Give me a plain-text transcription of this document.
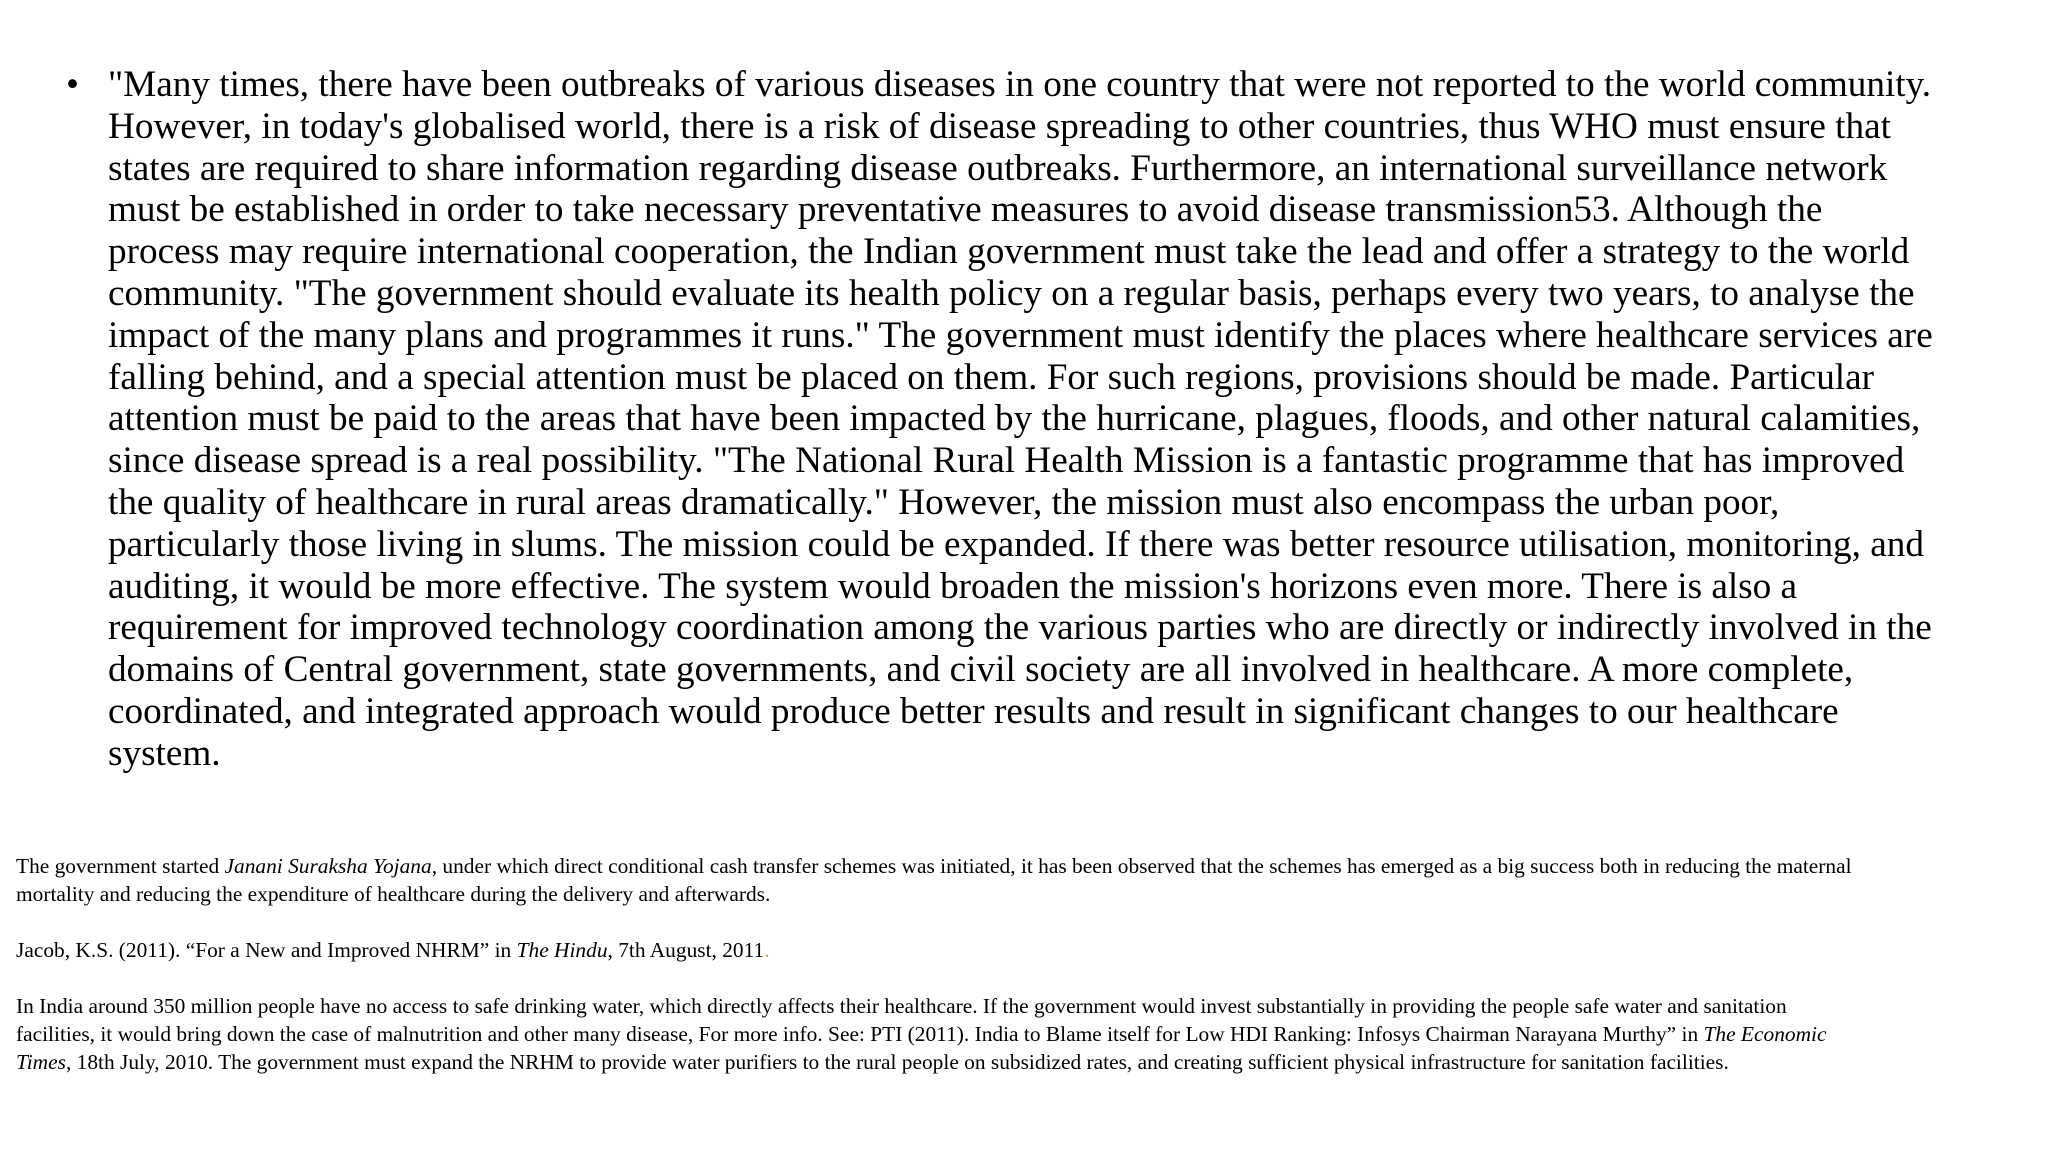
• "Many times, there have been outbreaks of various diseases in one country that were not reported to the world community.
However, in today's globalised world, there is a risk of disease spreading to other countries, thus WHO must ensure that
states are required to share information regarding disease outbreaks. Furthermore, an international surveillance network
must be established in order to take necessary preventative measures to avoid disease transmission53. Although the
process may require international cooperation, the Indian government must take the lead and offer a strategy to the world
community. "The government should evaluate its health policy on a regular basis, perhaps every two years, to analyse the
impact of the many plans and programmes it runs." The government must identify the places where healthcare services are
falling behind, and a special attention must be placed on them. For such regions, provisions should be made. Particular
attention must be paid to the areas that have been impacted by the hurricane, plagues, floods, and other natural calamities,
since disease spread is a real possibility. "The National Rural Health Mission is a fantastic programme that has improved
the quality of healthcare in rural areas dramatically." However, the mission must also encompass the urban poor,
particularly those living in slums. The mission could be expanded. If there was better resource utilisation, monitoring, and
auditing, it would be more effective. The system would broaden the mission's horizons even more. There is also a
requirement for improved technology coordination among the various parties who are directly or indirectly involved in the
domains of Central government, state governments, and civil society are all involved in healthcare. A more complete,
coordinated, and integrated approach would produce better results and result in significant changes to our healthcare
system.

The government started Janani Suraksha Yojana, under which direct conditional cash transfer schemes was initiated, it has been observed that the schemes has emerged as a big success both in reducing the maternal
mortality and reducing the expenditure of healthcare during the delivery and afterwards.

Jacob, K.S. (2011). “For a New and Improved NHRM” in The Hindu, 7th August, 2011.

In India around 350 million people have no access to safe drinking water, which directly affects their healthcare. If the government would invest substantially in providing the people safe water and sanitation
facilities, it would bring down the case of malnutrition and other many disease, For more info. See: PTI (2011). India to Blame itself for Low HDI Ranking: Infosys Chairman Narayana Murthy” in The Economic
Times, 18th July, 2010. The government must expand the NRHM to provide water purifiers to the rural people on subsidized rates, and creating sufficient physical infrastructure for sanitation facilities.
